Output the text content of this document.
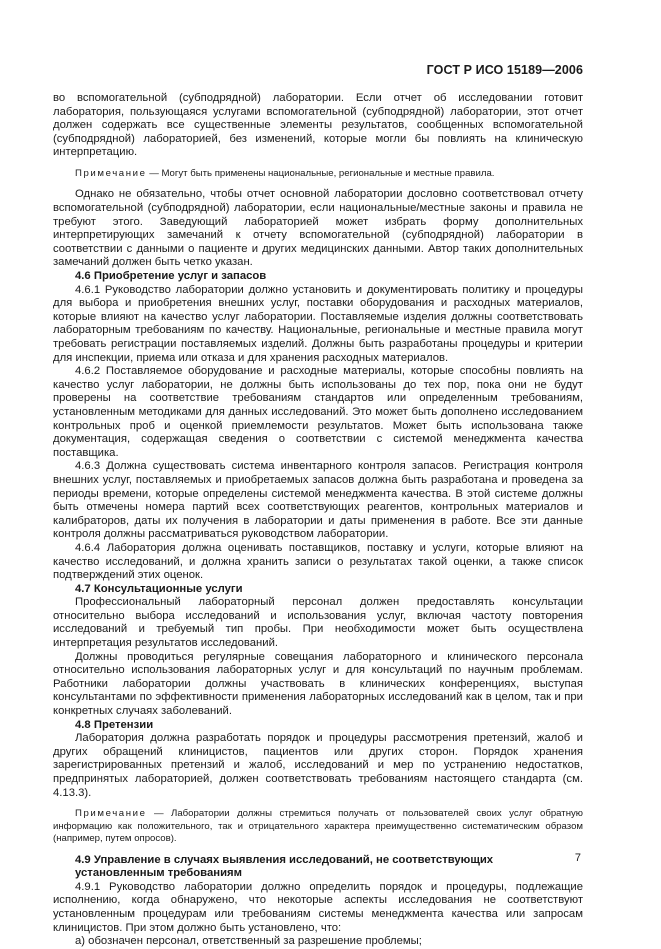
ГОСТ Р ИСО 15189—2006

во вспомогательной (субподрядной) лаборатории. Если отчет об исследовании готовит лаборатория, пользующаяся услугами вспомогательной (субподрядной) лаборатории, этот отчет должен содержать все существенные элементы результатов, сообщенных вспомогательной (субподрядной) лабораторией, без изменений, которые могли бы повлиять на клиническую интерпретацию.

Примечание — Могут быть применены национальные, региональные и местные правила.

Однако не обязательно, чтобы отчет основной лаборатории дословно соответствовал отчету вспомогательной (субподрядной) лаборатории, если национальные/местные законы и правила не требуют этого. Заведующий лабораторией может избрать форму дополнительных интерпретирующих замечаний к отчету вспомогательной (субподрядной) лаборатории в соответствии с данными о пациенте и других медицинских данными. Автор таких дополнительных замечаний должен быть четко указан.

4.6 Приобретение услуг и запасов

4.6.1 Руководство лаборатории должно установить и документировать политику и процедуры для выбора и приобретения внешних услуг, поставки оборудования и расходных материалов, которые влияют на качество услуг лаборатории. Поставляемые изделия должны соответствовать лабораторным требованиям по качеству. Национальные, региональные и местные правила могут требовать регистрации поставляемых изделий. Должны быть разработаны процедуры и критерии для инспекции, приема или отказа и для хранения расходных материалов.

4.6.2 Поставляемое оборудование и расходные материалы, которые способны повлиять на качество услуг лаборатории, не должны быть использованы до тех пор, пока они не будут проверены на соответствие требованиям стандартов или определенным требованиям, установленным методиками для данных исследований. Это может быть дополнено исследованием контрольных проб и оценкой приемлемости результатов. Может быть использована также документация, содержащая сведения о соответствии с системой менеджмента качества поставщика.

4.6.3 Должна существовать система инвентарного контроля запасов. Регистрация контроля внешних услуг, поставляемых и приобретаемых запасов должна быть разработана и проведена за периоды времени, которые определены системой менеджмента качества. В этой системе должны быть отмечены номера партий всех соответствующих реагентов, контрольных материалов и калибраторов, даты их получения в лаборатории и даты применения в работе. Все эти данные контроля должны рассматриваться руководством лаборатории.

4.6.4 Лаборатория должна оценивать поставщиков, поставку и услуги, которые влияют на качество исследований, и должна хранить записи о результатах такой оценки, а также список подтверждений этих оценок.

4.7 Консультационные услуги

Профессиональный лабораторный персонал должен предоставлять консультации относительно выбора исследований и использования услуг, включая частоту повторения исследований и требуемый тип пробы. При необходимости может быть осуществлена интерпретация результатов исследований.

Должны проводиться регулярные совещания лабораторного и клинического персонала относительно использования лабораторных услуг и для консультаций по научным проблемам. Работники лаборатории должны участвовать в клинических конференциях, выступая консультантами по эффективности применения лабораторных исследований как в целом, так и при конкретных случаях заболеваний.

4.8 Претензии

Лаборатория должна разработать порядок и процедуры рассмотрения претензий, жалоб и других обращений клиницистов, пациентов или других сторон. Порядок хранения зарегистрированных претензий и жалоб, исследований и мер по устранению недостатков, предпринятых лабораторией, должен соответствовать требованиям настоящего стандарта (см. 4.13.3).

Примечание — Лаборатории должны стремиться получать от пользователей своих услуг обратную информацию как положительного, так и отрицательного характера преимущественно систематическим образом (например, путем опросов).

4.9 Управление в случаях выявления исследований, не соответствующих установленным требованиям

4.9.1 Руководство лаборатории должно определить порядок и процедуры, подлежащие исполнению, когда обнаружено, что некоторые аспекты исследования не соответствуют установленным процедурам или требованиям системы менеджмента качества или запросам клиницистов. При этом должно быть установлено, что:

а) обозначен персонал, ответственный за разрешение проблемы;

7
